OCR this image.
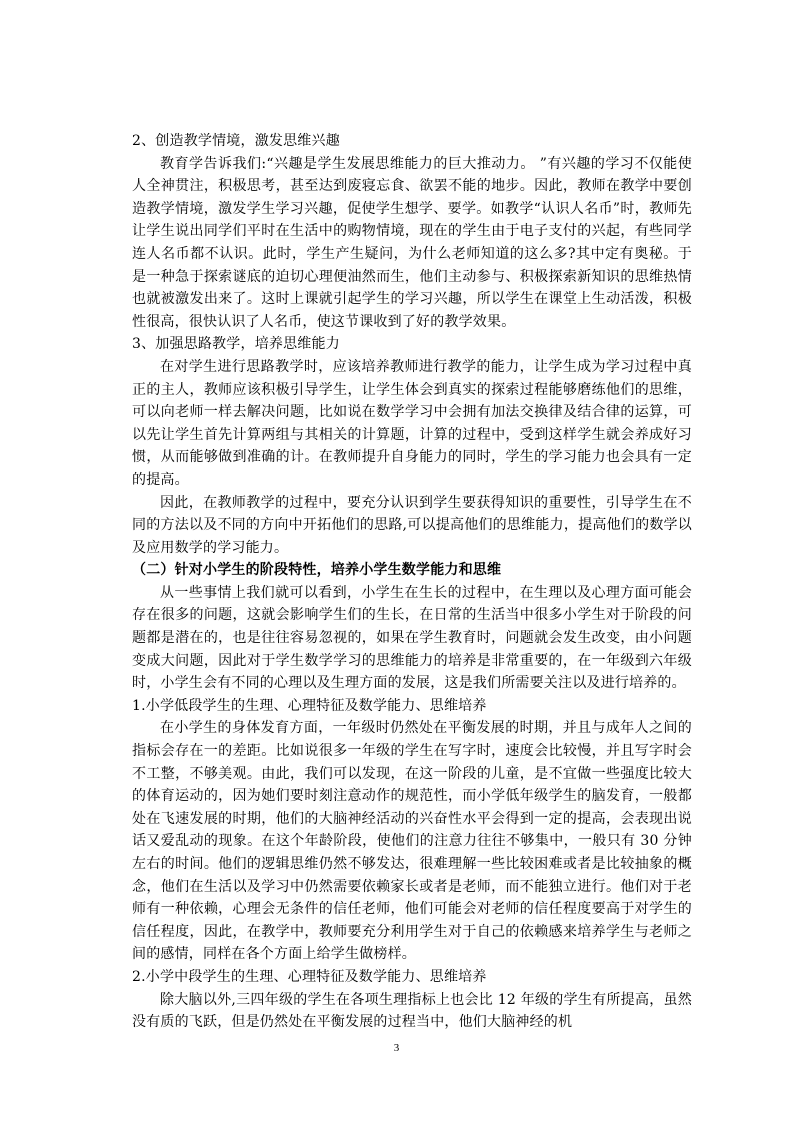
2、创造教学情境，激发思维兴趣

教育学告诉我们:“兴趣是学生发展思维能力的巨大推动力。 ”有兴趣的学习不仅能使人全神贯注，积极思考，甚至达到废寝忘食、欲罢不能的地步。因此，教师在教学中要创造教学情境，激发学生学习兴趣，促使学生想学、要学。如教学“认识人名币”时，教师先让学生说出同学们平时在生活中的购物情境，现在的学生由于电子支付的兴起，有些同学连人名币都不认识。此时，学生产生疑问，为什么老师知道的这么多?其中定有奥秘。于是一种急于探索谜底的迫切心理便油然而生，他们主动参与、积极探索新知识的思维热情也就被激发出来了。这时上课就引起学生的学习兴趣，所以学生在课堂上生动活泼，积极性很高，很快认识了人名币，使这节课收到了好的教学效果。

3、加强思路教学，培养思维能力

在对学生进行思路教学时，应该培养教师进行教学的能力，让学生成为学习过程中真正的主人，教师应该积极引导学生，让学生体会到真实的探索过程能够磨练他们的思维，可以向老师一样去解决问题，比如说在数学学习中会拥有加法交换律及结合律的运算，可以先让学生首先计算两组与其相关的计算题，计算的过程中，受到这样学生就会养成好习惯，从而能够做到准确的计。在教师提升自身能力的同时，学生的学习能力也会具有一定的提高。

因此，在教师教学的过程中，要充分认识到学生要获得知识的重要性，引导学生在不同的方法以及不同的方向中开拓他们的思路,可以提高他们的思维能力，提高他们的数学以及应用数学的学习能力。

（二）针对小学生的阶段特性，培养小学生数学能力和思维

从一些事情上我们就可以看到，小学生在生长的过程中，在生理以及心理方面可能会存在很多的问题，这就会影响学生们的生长，在日常的生活当中很多小学生对于阶段的问题都是潜在的，也是往往容易忽视的，如果在学生教育时，问题就会发生改变，由小问题变成大问题，因此对于学生数学学习的思维能力的培养是非常重要的，在一年级到六年级时，小学生会有不同的心理以及生理方面的发展，这是我们所需要关注以及进行培养的。

1.小学低段学生的生理、心理特征及数学能力、思维培养

在小学生的身体发育方面，一年级时仍然处在平衡发展的时期，并且与成年人之间的指标会存在一的差距。比如说很多一年级的学生在写字时，速度会比较慢，并且写字时会不工整，不够美观。由此，我们可以发现，在这一阶段的儿童，是不宜做一些强度比较大的体育运动的，因为她们要时刻注意动作的规范性，而小学低年级学生的脑发育，一般都处在飞速发展的时期，他们的大脑神经活动的兴奋性水平会得到一定的提高，会表现出说话又爱乱动的现象。在这个年龄阶段，使他们的注意力往往不够集中，一般只有 30 分钟左右的时间。他们的逻辑思维仍然不够发达，很难理解一些比较困难或者是比较抽象的概念，他们在生活以及学习中仍然需要依赖家长或者是老师，而不能独立进行。他们对于老师有一种依赖，心理会无条件的信任老师，他们可能会对老师的信任程度要高于对学生的信任程度，因此，在教学中，教师要充分利用学生对于自己的依赖感来培养学生与老师之间的感情，同样在各个方面上给学生做榜样。

2.小学中段学生的生理、心理特征及数学能力、思维培养

除大脑以外,三四年级的学生在各项生理指标上也会比 12 年级的学生有所提高，虽然没有质的飞跃，但是仍然处在平衡发展的过程当中，他们大脑神经的机

3
